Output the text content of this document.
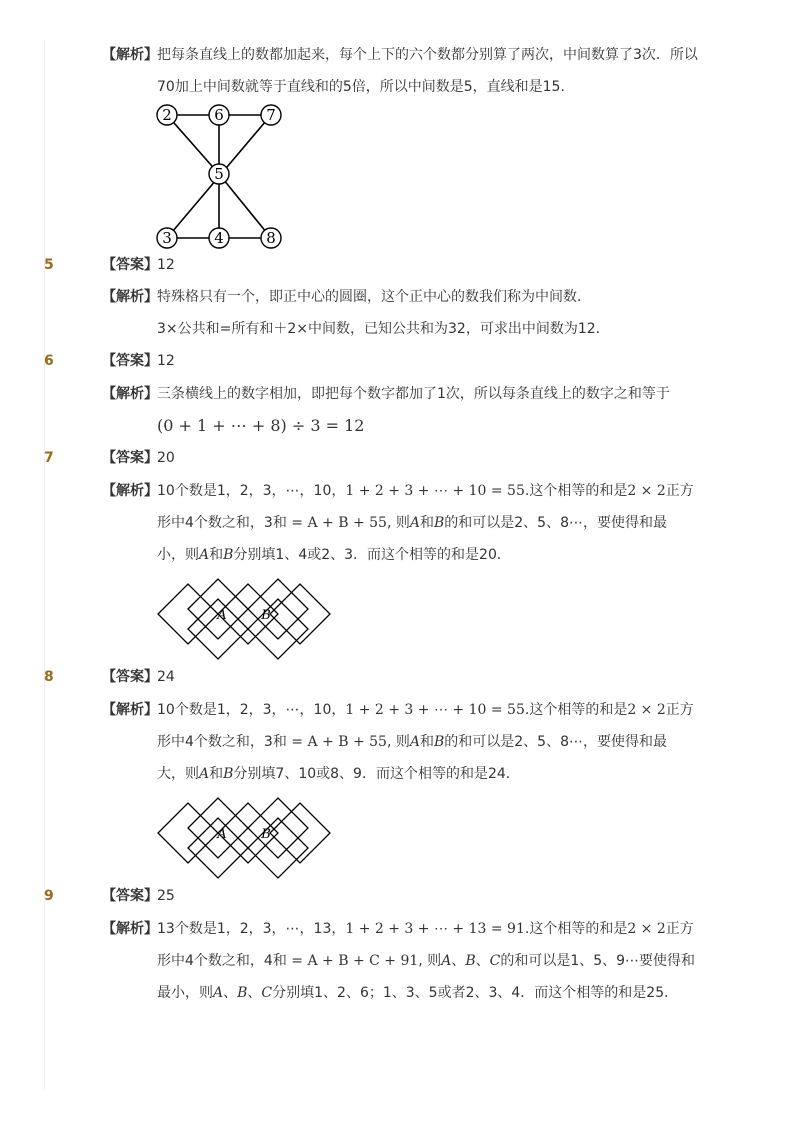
【解析】 把每条直线上的数都加起来，每个上下的六个数都分别算了两次，中间数算了3次．所以
70加上中间数就等于直线和的5倍，所以中间数是5，直线和是15．
2	6	7
5
3	4	8
5	【答案】 12
【解析】 特殊格只有一个，即正中心的圆圈，这个正中心的数我们称为中间数．
3×公共和=所有和＋2×中间数，已知公共和为32，可求出中间数为12．
6	【答案】 12
【解析】 三条横线上的数字相加，即把每个数字都加了1次，所以每条直线上的数字之和等于
(0 + 1 + ⋯ + 8) ÷ 3 = 12
7	【答案】 20
【解析】 10个数是1，2，3，⋯，10，1 + 2 + 3 + ⋯ + 10 = 55.这个相等的和是2 × 2正方
形中4个数之和，3和 = A + B + 55, 则A和B的和可以是2、5、8⋯，要使得和最
小，则A和B分别填1、4或2、3．而这个相等的和是20．
A	B
8	【答案】 24
【解析】 10个数是1，2，3，⋯，10，1 + 2 + 3 + ⋯ + 10 = 55.这个相等的和是2 × 2正方
形中4个数之和，3和 = A + B + 55, 则A和B的和可以是2、5、8⋯，要使得和最
大，则A和B分别填7、10或8、9．而这个相等的和是24．
A	B
9	【答案】 25
【解析】 13个数是1，2，3，⋯，13，1 + 2 + 3 + ⋯ + 13 = 91.这个相等的和是2 × 2正方
形中4个数之和，4和 = A + B + C + 91, 则A、B、C的和可以是1、5、9⋯要使得和
最小，则A、B、C分别填1、2、6；1、3、5或者2、3、4．而这个相等的和是25．
